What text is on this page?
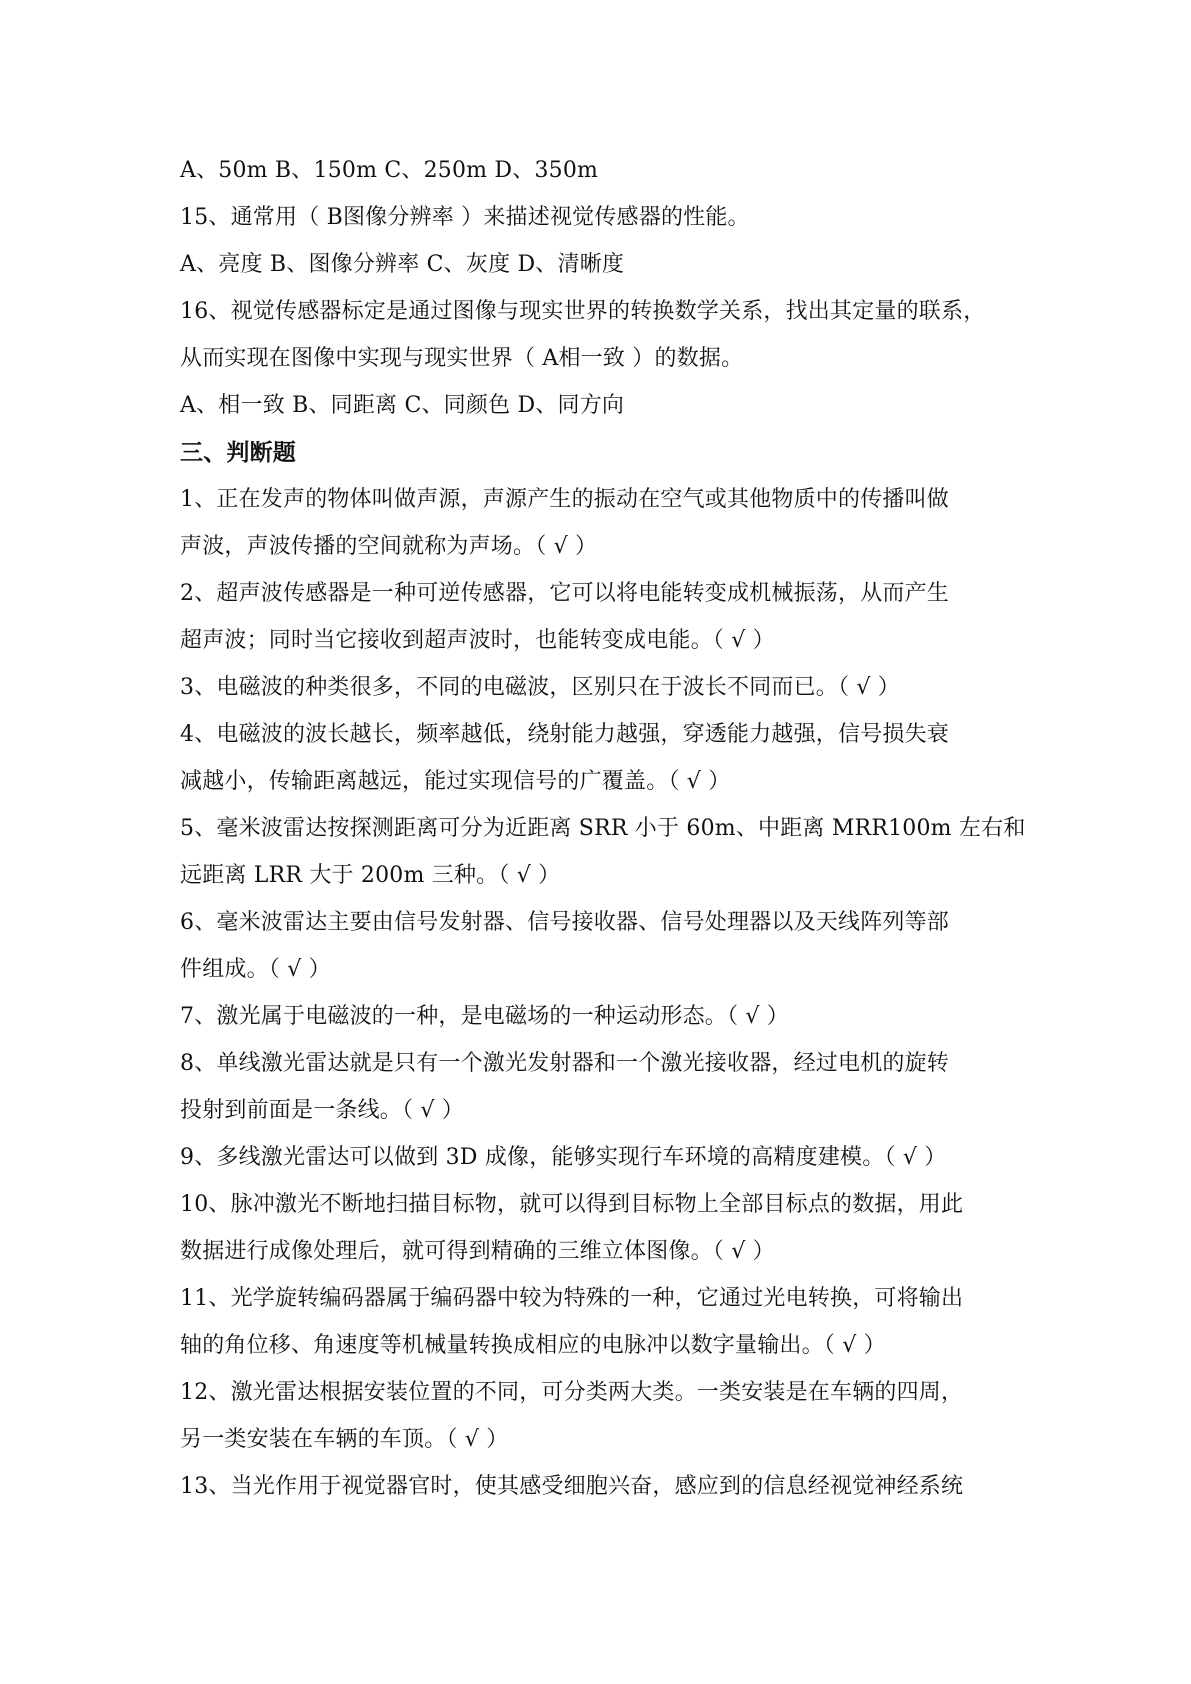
A、50m B、150m C、250m D、350m
15、通常用（ B图像分辨率 ）来描述视觉传感器的性能。
A、亮度 B、图像分辨率 C、灰度 D、清晰度
16、视觉传感器标定是通过图像与现实世界的转换数学关系，找出其定量的联系，
从而实现在图像中实现与现实世界（ A相一致 ）的数据。
A、相一致 B、同距离 C、同颜色 D、同方向
三、判断题
1、正在发声的物体叫做声源，声源产生的振动在空气或其他物质中的传播叫做
声波，声波传播的空间就称为声场。（ √ ）
2、超声波传感器是一种可逆传感器，它可以将电能转变成机械振荡，从而产生
超声波；同时当它接收到超声波时，也能转变成电能。（ √ ）
3、电磁波的种类很多，不同的电磁波，区别只在于波长不同而已。（ √ ）
4、电磁波的波长越长，频率越低，绕射能力越强，穿透能力越强，信号损失衰
减越小，传输距离越远，能过实现信号的广覆盖。（ √ ）
5、毫米波雷达按探测距离可分为近距离 SRR 小于 60m、中距离 MRR100m 左右和
远距离 LRR 大于 200m 三种。（ √ ）
6、毫米波雷达主要由信号发射器、信号接收器、信号处理器以及天线阵列等部
件组成。（ √ ）
7、激光属于电磁波的一种，是电磁场的一种运动形态。（ √ ）
8、单线激光雷达就是只有一个激光发射器和一个激光接收器，经过电机的旋转
投射到前面是一条线。（ √ ）
9、多线激光雷达可以做到 3D 成像，能够实现行车环境的高精度建模。（ √ ）
10、脉冲激光不断地扫描目标物，就可以得到目标物上全部目标点的数据，用此
数据进行成像处理后，就可得到精确的三维立体图像。（ √ ）
11、光学旋转编码器属于编码器中较为特殊的一种，它通过光电转换，可将输出
轴的角位移、角速度等机械量转换成相应的电脉冲以数字量输出。（ √ ）
12、激光雷达根据安装位置的不同，可分类两大类。一类安装是在车辆的四周，
另一类安装在车辆的车顶。（ √ ）
13、当光作用于视觉器官时，使其感受细胞兴奋，感应到的信息经视觉神经系统
